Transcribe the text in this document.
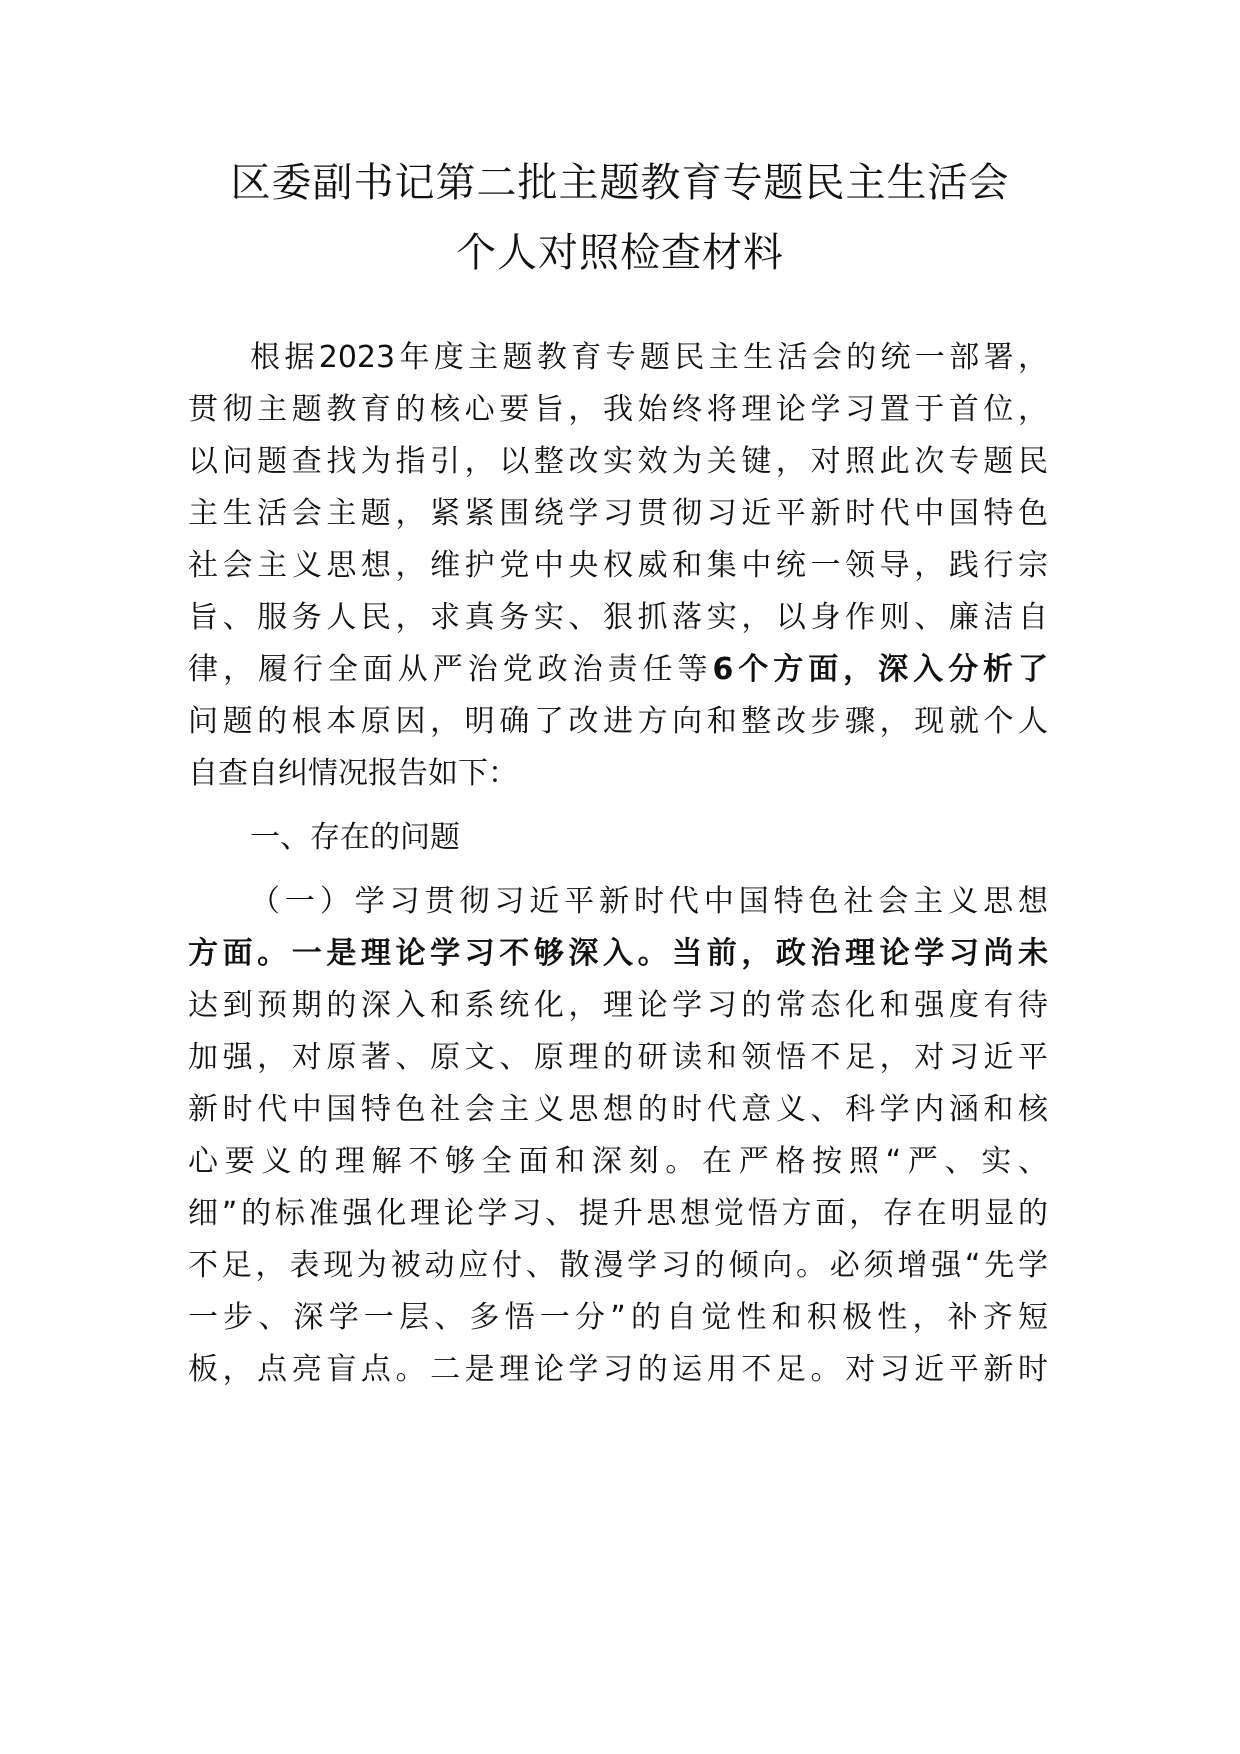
区委副书记第二批主题教育专题民主生活会
个人对照检查材料
根据2023年度主题教育专题民主生活会的统一部署，
贯彻主题教育的核心要旨，我始终将理论学习置于首位，
以问题查找为指引，以整改实效为关键，对照此次专题民
主生活会主题，紧紧围绕学习贯彻习近平新时代中国特色
社会主义思想，维护党中央权威和集中统一领导，践行宗
旨、服务人民，求真务实、狠抓落实，以身作则、廉洁自
律，履行全面从严治党政治责任等6个方面，深入分析了
问题的根本原因，明确了改进方向和整改步骤，现就个人
自查自纠情况报告如下：
一、存在的问题
（一）学习贯彻习近平新时代中国特色社会主义思想
方面。一是理论学习不够深入。当前，政治理论学习尚未
达到预期的深入和系统化，理论学习的常态化和强度有待
加强，对原著、原文、原理的研读和领悟不足，对习近平
新时代中国特色社会主义思想的时代意义、科学内涵和核
心要义的理解不够全面和深刻。在严格按照“严、实、
细”的标准强化理论学习、提升思想觉悟方面，存在明显的
不足，表现为被动应付、散漫学习的倾向。必须增强“先学
一步、深学一层、多悟一分”的自觉性和积极性，补齐短
板，点亮盲点。二是理论学习的运用不足。对习近平新时
